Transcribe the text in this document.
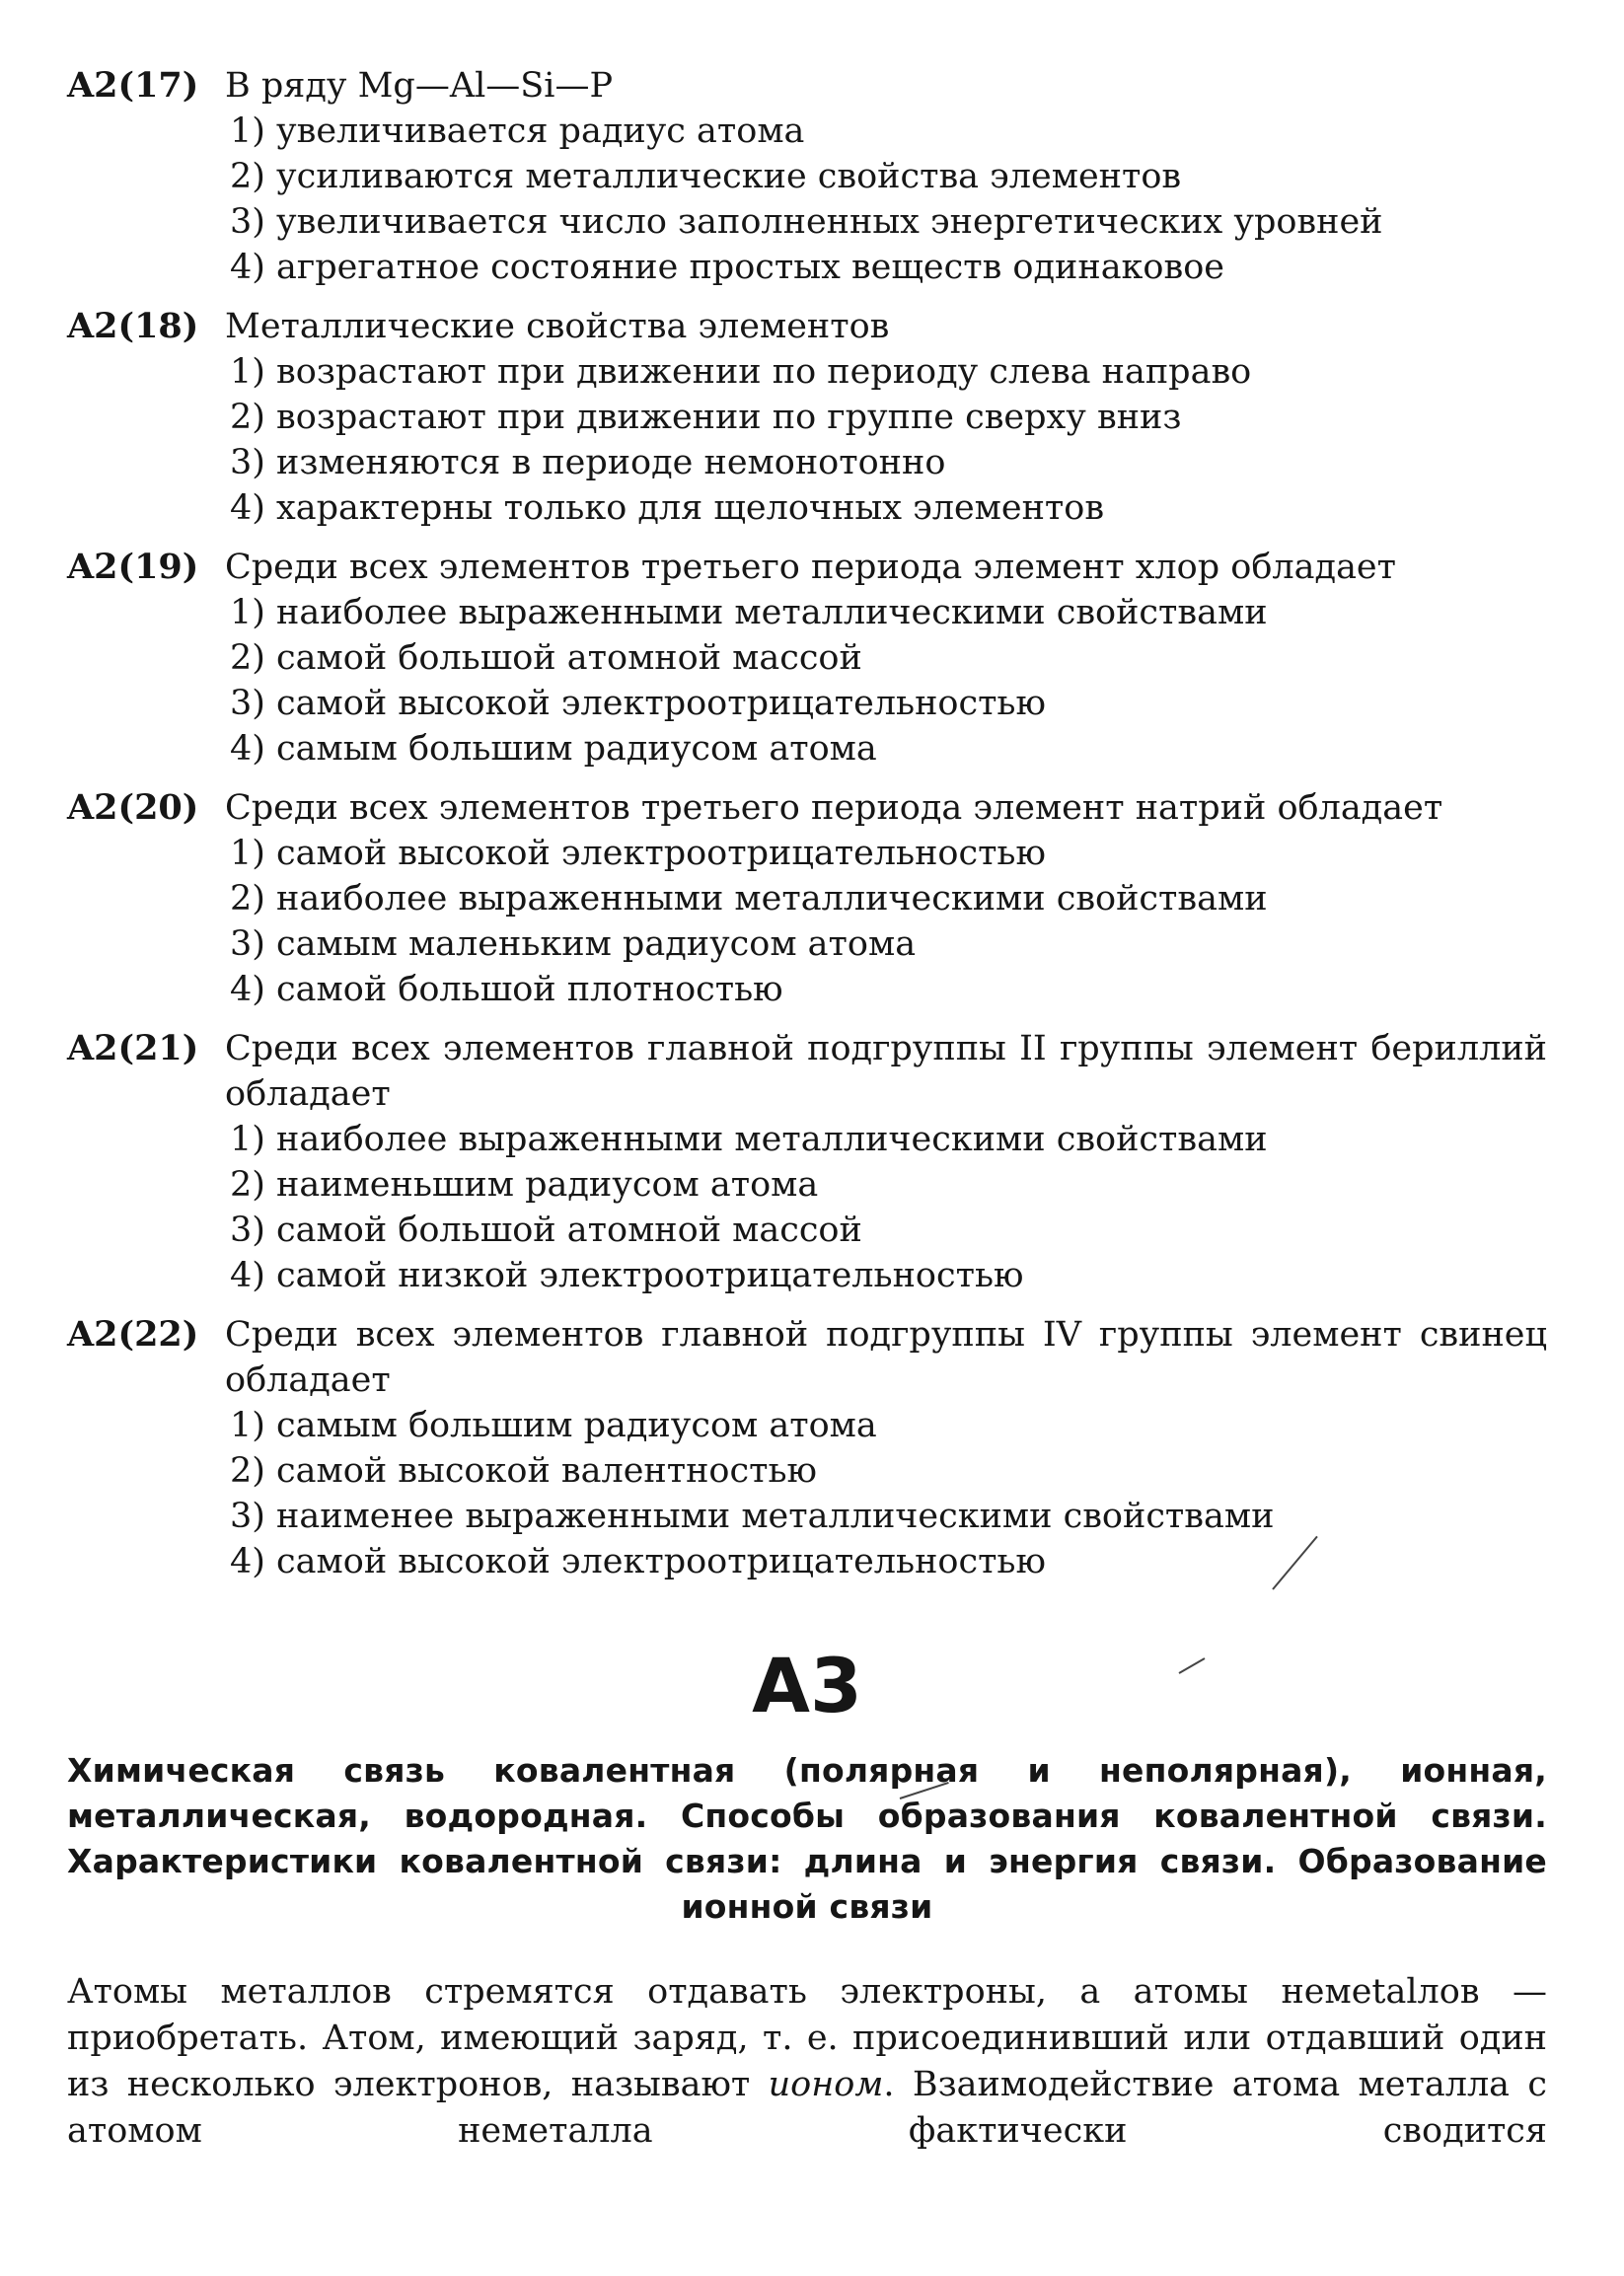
A2(17) В ряду Mg—Al—Si—P
1) увеличивается радиус атома
2) усиливаются металлические свойства элементов
3) увеличивается число заполненных энергетических уровней
4) агрегатное состояние простых веществ одинаковое
A2(18) Металлические свойства элементов
1) возрастают при движении по периоду слева направо
2) возрастают при движении по группе сверху вниз
3) изменяются в периоде немонотонно
4) характерны только для щелочных элементов
A2(19) Среди всех элементов третьего периода элемент хлор обладает
1) наиболее выраженными металлическими свойствами
2) самой большой атомной массой
3) самой высокой электроотрицательностью
4) самым большим радиусом атома
A2(20) Среди всех элементов третьего периода элемент натрий обладает
1) самой высокой электроотрицательностью
2) наиболее выраженными металлическими свойствами
3) самым маленьким радиусом атома
4) самой большой плотностью
A2(21) Среди всех элементов главной подгруппы II группы элемент бериллий обладает
1) наиболее выраженными металлическими свойствами
2) наименьшим радиусом атома
3) самой большой атомной массой
4) самой низкой электроотрицательностью
A2(22) Среди всех элементов главной подгруппы IV группы элемент свинец обладает
1) самым большим радиусом атома
2) самой высокой валентностью
3) наименее выраженными металлическими свойствами
4) самой высокой электроотрицательностью
A3
Химическая связь ковалентная (полярная и неполярная), ионная, металлическая, водородная. Способы образования ковалентной связи. Характеристики ковалентной связи: длина и энергия связи. Образование ионной связи
Атомы металлов стремятся отдавать электроны, а атомы немetalлов — приобретать. Атом, имеющий заряд, т. е. присоединивший или отдавший один из несколько электронов, называют ионом. Взаимодействие атома металла с атомом неметалла фактически сводится
